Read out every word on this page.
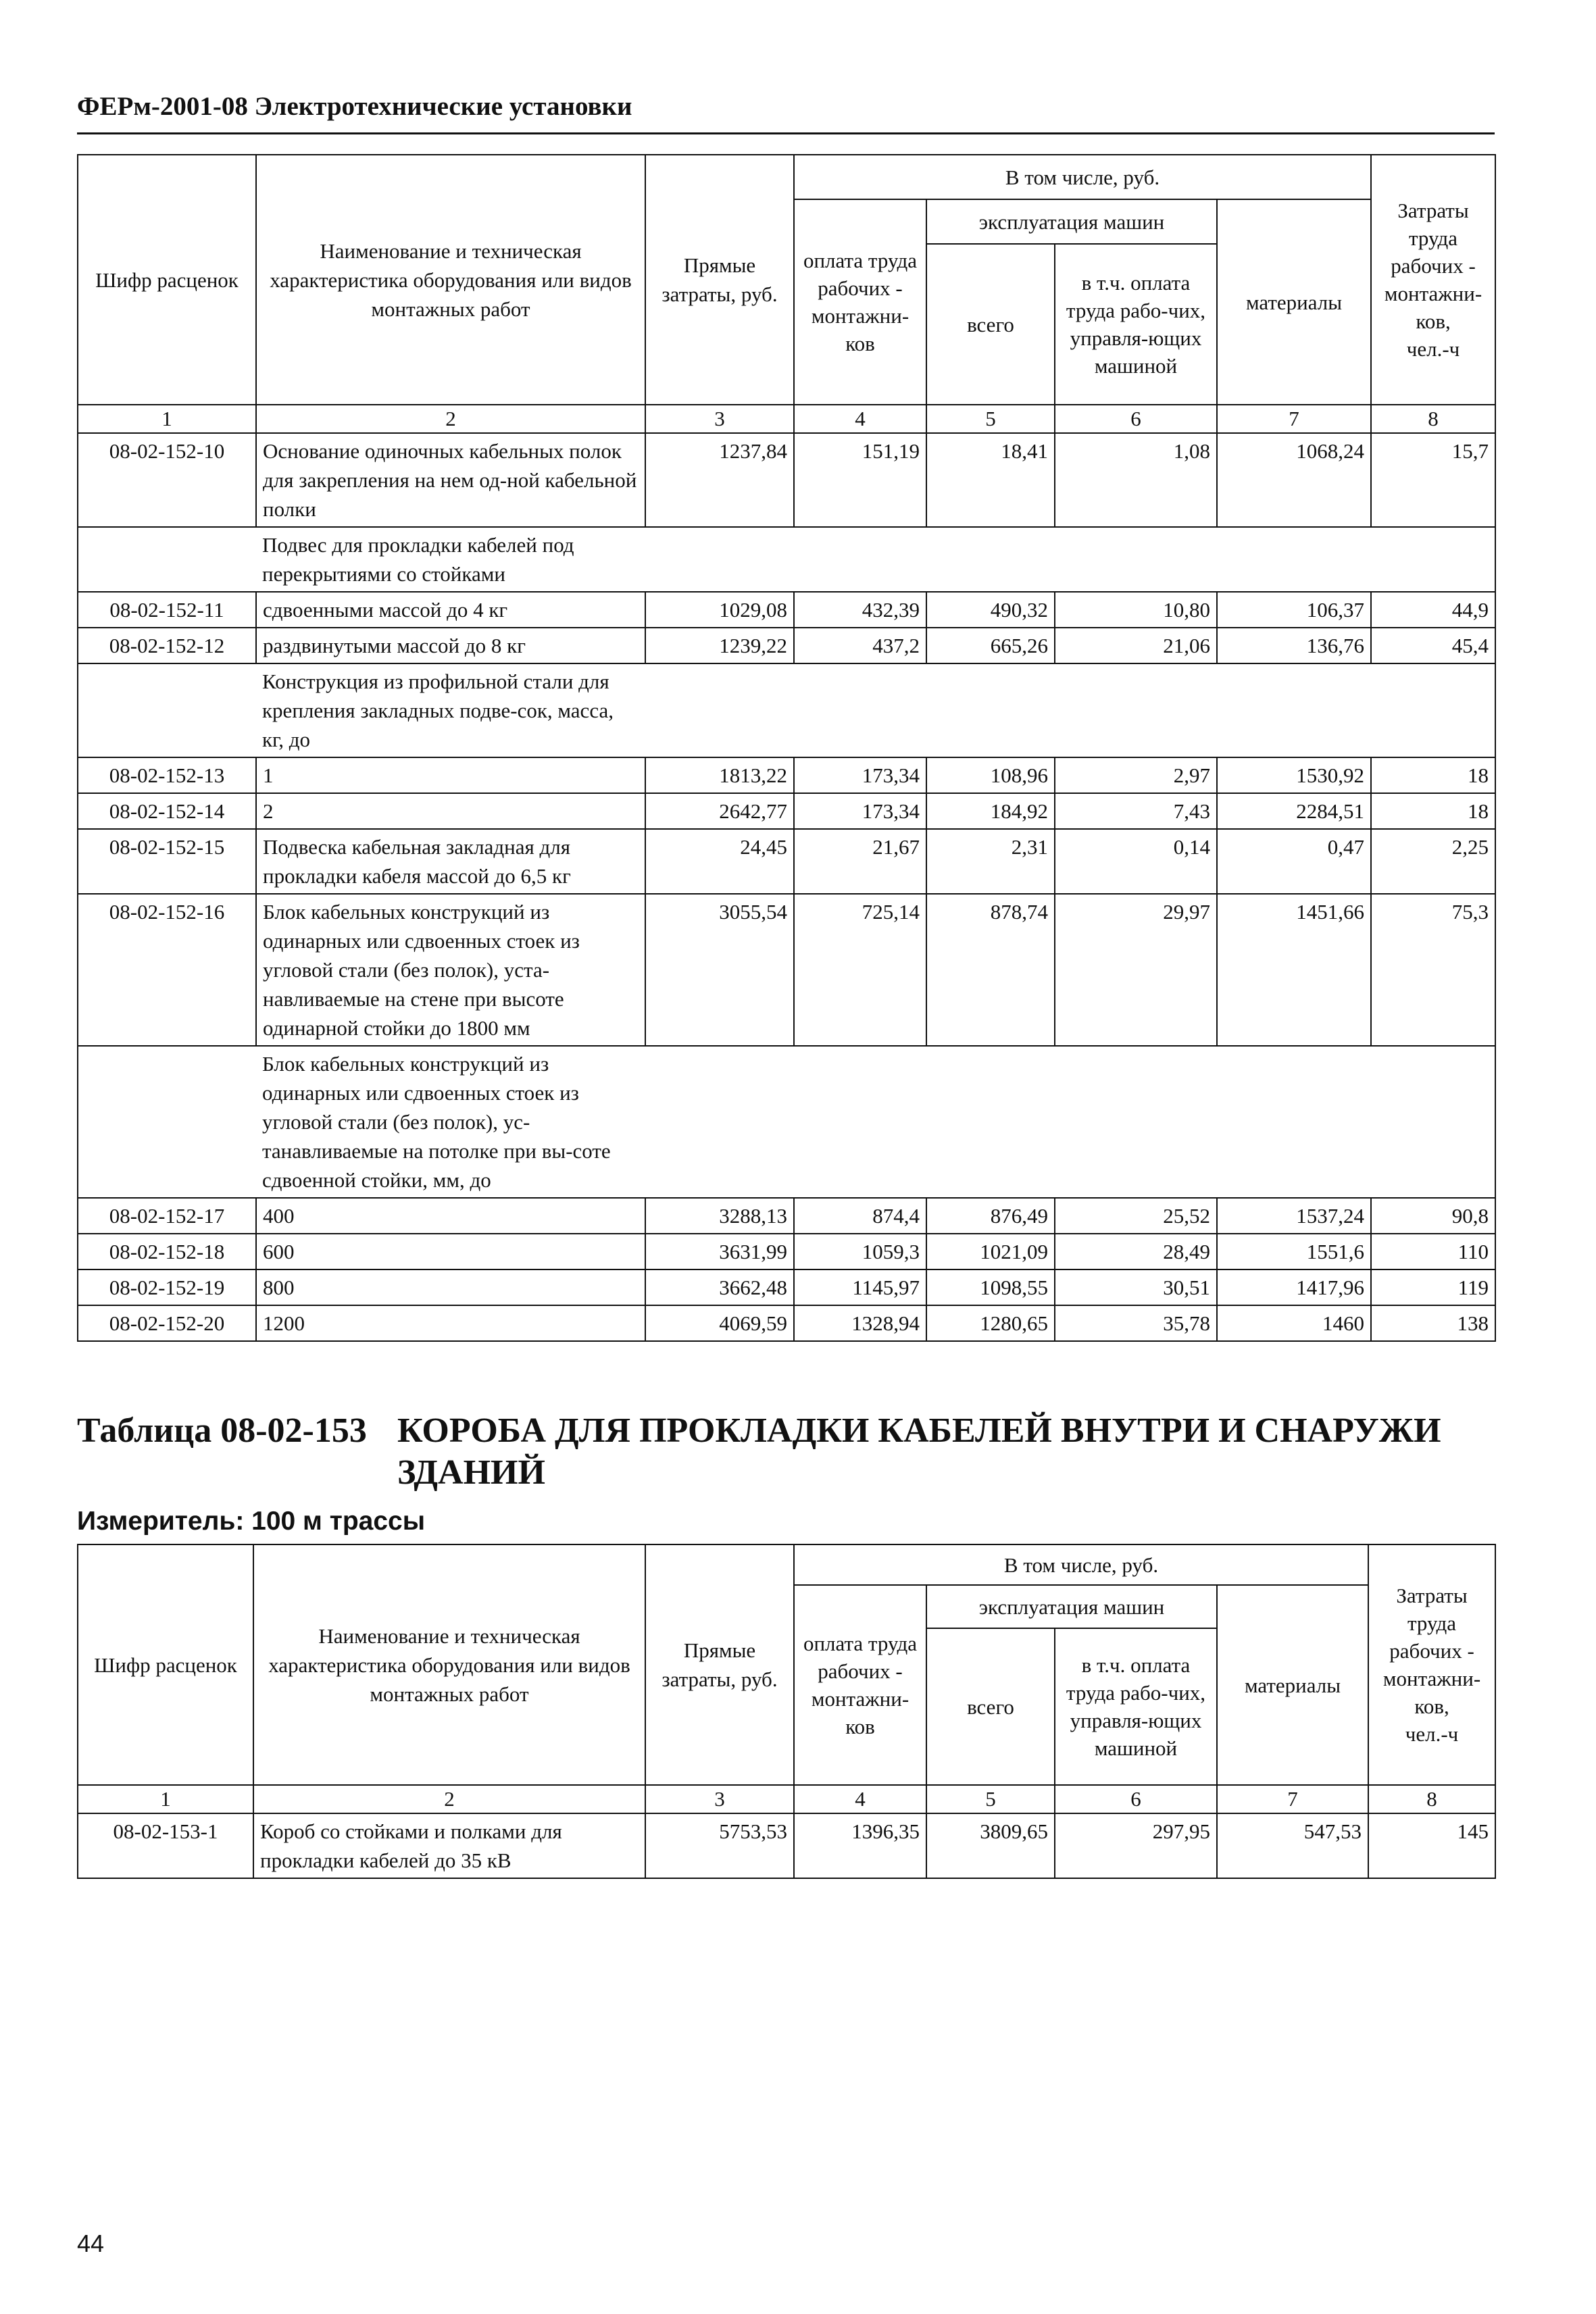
ФЕРм-2001-08 Электротехнические установки
Шифр расценок	Наименование и техническая характеристика оборудования или видов монтажных работ	Прямые затраты, руб.	В том числе, руб.				Затраты труда рабочих - монтажни-ков,
чел.-ч
			оплата труда рабочих - монтажни-ков	эксплуатация машин		материалы	
				всего	в т.ч. оплата труда рабо-чих, управля-ющих машиной		
1	2	3	4	5	6	7	8
08-02-152-10	Основание одиночных кабельных полок для закрепления на нем од-ной кабельной полки	1237,84	151,19	18,41	1,08	1068,24	15,7
	Подвес для прокладки кабелей под перекрытиями со стойками						
08-02-152-11	сдвоенными массой до 4 кг	1029,08	432,39	490,32	10,80	106,37	44,9
08-02-152-12	раздвинутыми массой до 8 кг	1239,22	437,2	665,26	21,06	136,76	45,4
	Конструкция из профильной стали для крепления закладных подве-сок, масса, кг, до						
08-02-152-13	1	1813,22	173,34	108,96	2,97	1530,92	18
08-02-152-14	2	2642,77	173,34	184,92	7,43	2284,51	18
08-02-152-15	Подвеска кабельная закладная для прокладки кабеля массой до 6,5 кг	24,45	21,67	2,31	0,14	0,47	2,25
08-02-152-16	Блок кабельных конструкций из одинарных или сдвоенных стоек из угловой стали (без полок), уста-навливаемые на стене при высоте одинарной стойки до 1800 мм	3055,54	725,14	878,74	29,97	1451,66	75,3
	Блок кабельных конструкций из одинарных или сдвоенных стоек из угловой стали (без полок), ус-танавливаемые на потолке при вы-соте сдвоенной стойки, мм, до						
08-02-152-17	400	3288,13	874,4	876,49	25,52	1537,24	90,8
08-02-152-18	600	3631,99	1059,3	1021,09	28,49	1551,6	110
08-02-152-19	800	3662,48	1145,97	1098,55	30,51	1417,96	119
08-02-152-20	1200	4069,59	1328,94	1280,65	35,78	1460	138
Таблица 08-02-153 КОРОБА ДЛЯ ПРОКЛАДКИ КАБЕЛЕЙ ВНУТРИ И СНАРУЖИ ЗДАНИЙ
Измеритель: 100 м трассы
Шифр расценок	Наименование и техническая характеристика оборудования или видов монтажных работ	Прямые затраты, руб.	В том числе, руб.				Затраты труда рабочих - монтажни-ков,
чел.-ч
			оплата труда рабочих - монтажни-ков	эксплуатация машин		материалы	
				всего	в т.ч. оплата труда рабо-чих, управля-ющих машиной		
1	2	3	4	5	6	7	8
08-02-153-1	Короб со стойками и полками для прокладки кабелей до 35 кВ	5753,53	1396,35	3809,65	297,95	547,53	145
44
